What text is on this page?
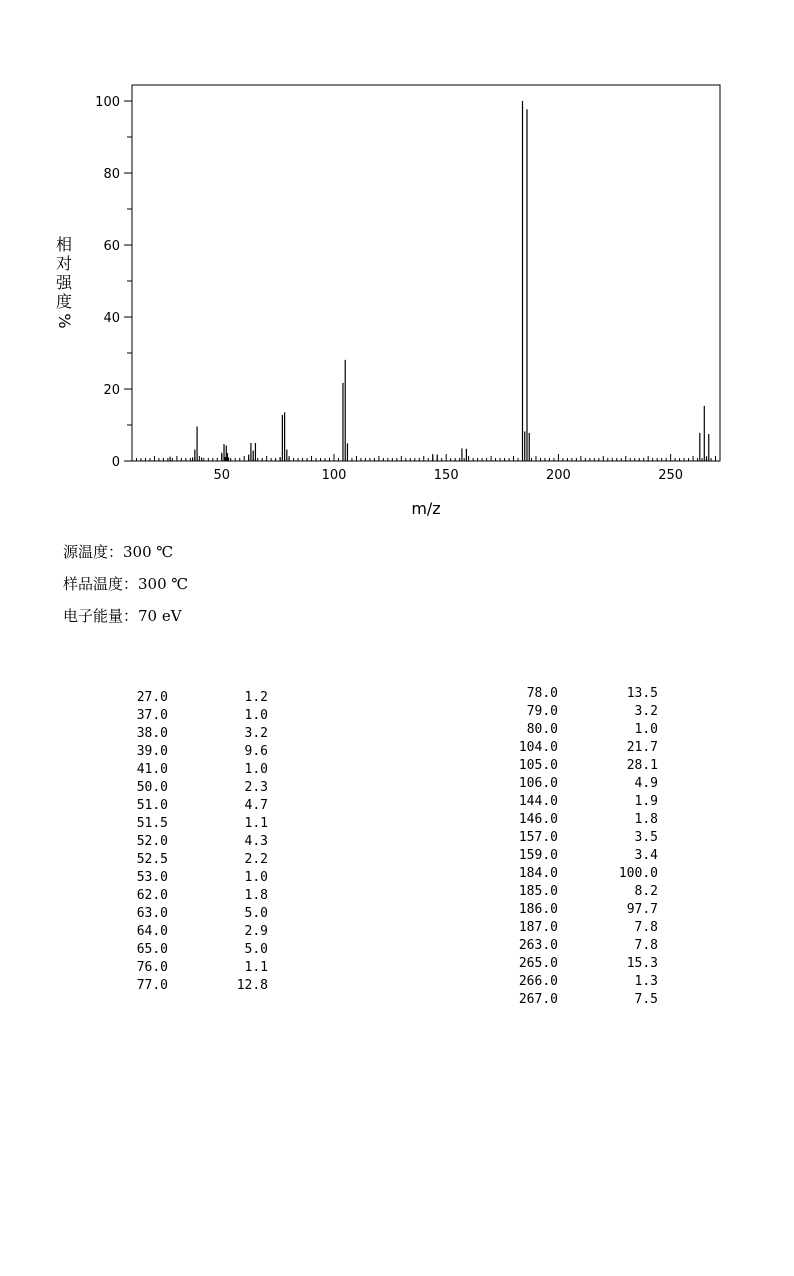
0
20
40
60
80
100
50	100	150	200	250
m/z
相
对
强
度
%
源温度：300 ℃
样品温度：300 ℃
电子能量：70 eV
27.0	1.2
37.0	1.0
38.0	3.2
39.0	9.6
41.0	1.0
50.0	2.3
51.0	4.7
51.5	1.1
52.0	4.3
52.5	2.2
53.0	1.0
62.0	1.8
63.0	5.0
64.0	2.9
65.0	5.0
76.0	1.1
77.0	12.8
78.0	13.5
79.0	3.2
80.0	1.0
104.0	21.7
105.0	28.1
106.0	4.9
144.0	1.9
146.0	1.8
157.0	3.5
159.0	3.4
184.0	100.0
185.0	8.2
186.0	97.7
187.0	7.8
263.0	7.8
265.0	15.3
266.0	1.3
267.0	7.5
